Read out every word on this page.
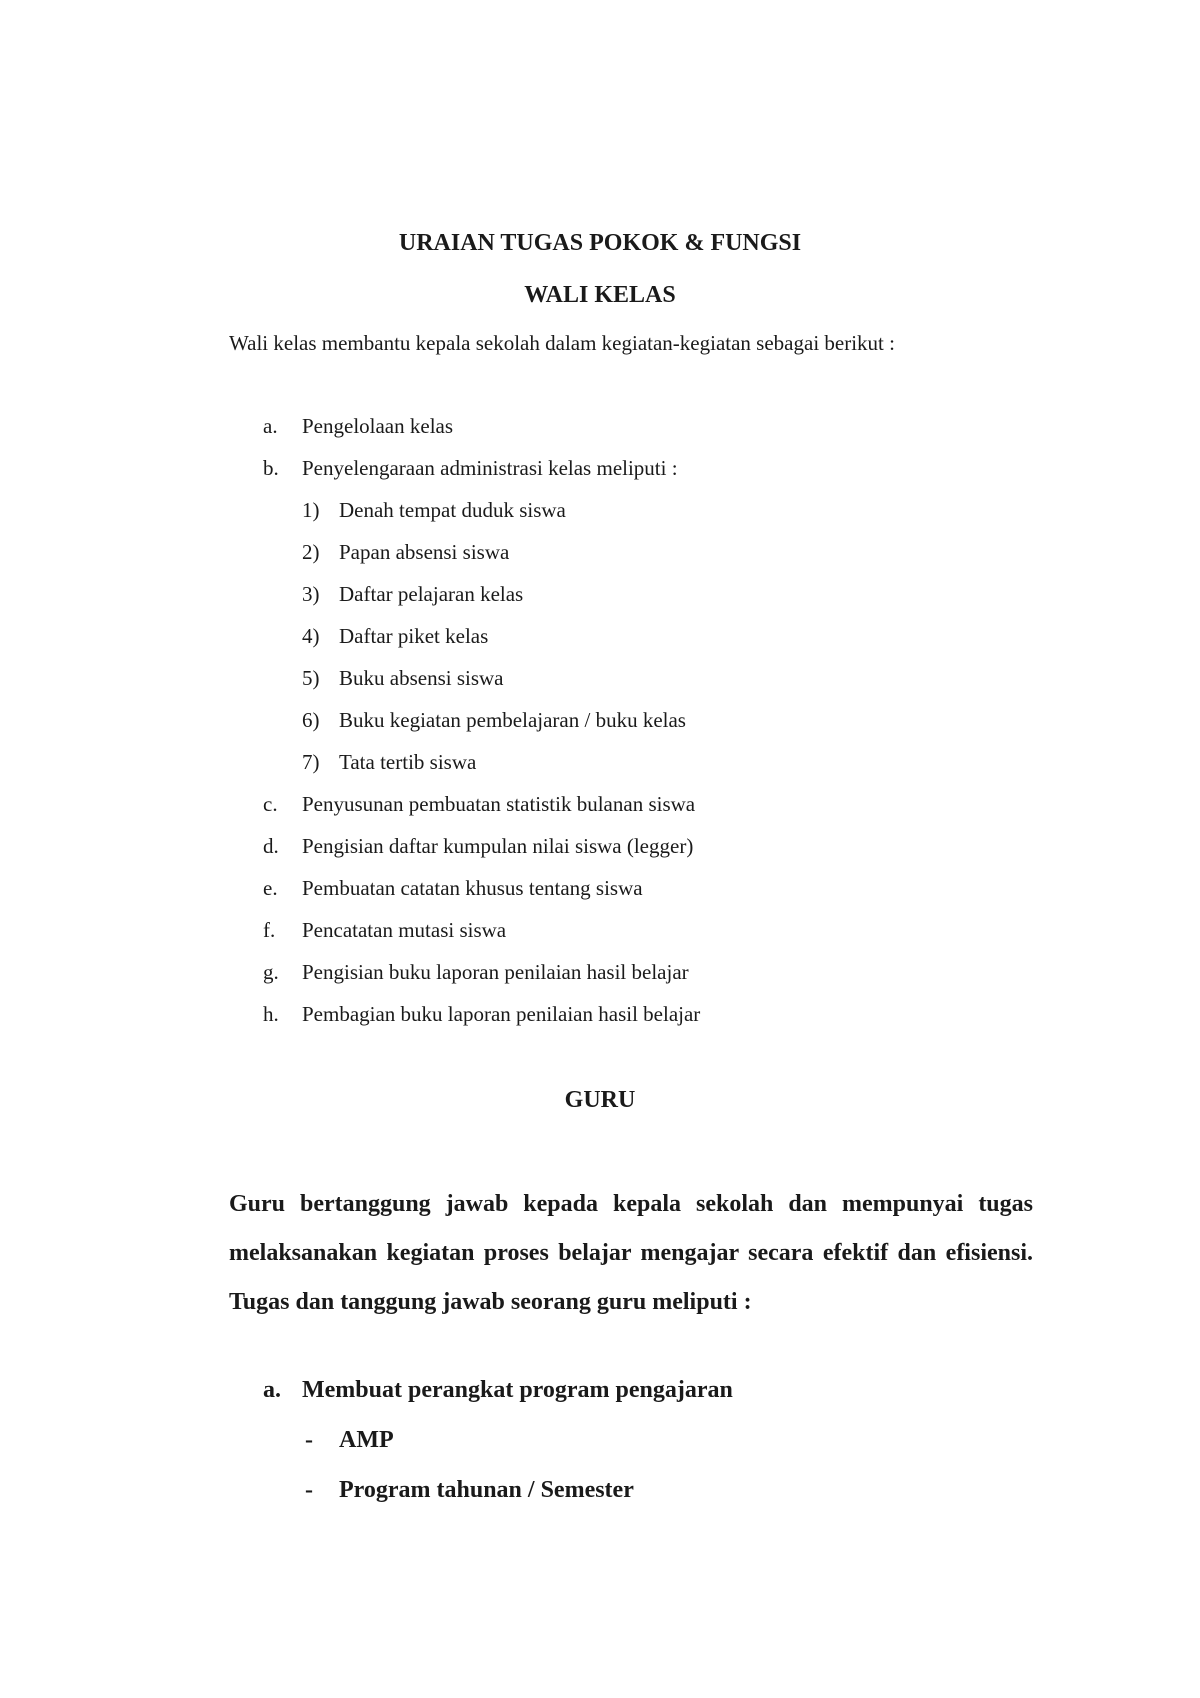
URAIAN TUGAS POKOK & FUNGSI
WALI KELAS
Wali kelas membantu kepala sekolah dalam kegiatan-kegiatan sebagai berikut :
a. Pengelolaan kelas
b. Penyelengaraan administrasi kelas meliputi :
1) Denah tempat duduk siswa
2) Papan absensi siswa
3) Daftar pelajaran kelas
4) Daftar piket kelas
5) Buku absensi siswa
6) Buku kegiatan pembelajaran / buku kelas
7) Tata tertib siswa
c. Penyusunan pembuatan statistik bulanan siswa
d. Pengisian daftar kumpulan nilai siswa (legger)
e. Pembuatan catatan khusus tentang siswa
f. Pencatatan mutasi siswa
g. Pengisian buku laporan penilaian hasil belajar
h. Pembagian buku laporan penilaian hasil belajar
GURU
Guru bertanggung jawab kepada kepala sekolah dan mempunyai tugas melaksanakan kegiatan proses belajar mengajar secara efektif dan efisiensi. Tugas dan tanggung jawab seorang guru meliputi :
a. Membuat perangkat program pengajaran
- AMP
- Program tahunan / Semester
